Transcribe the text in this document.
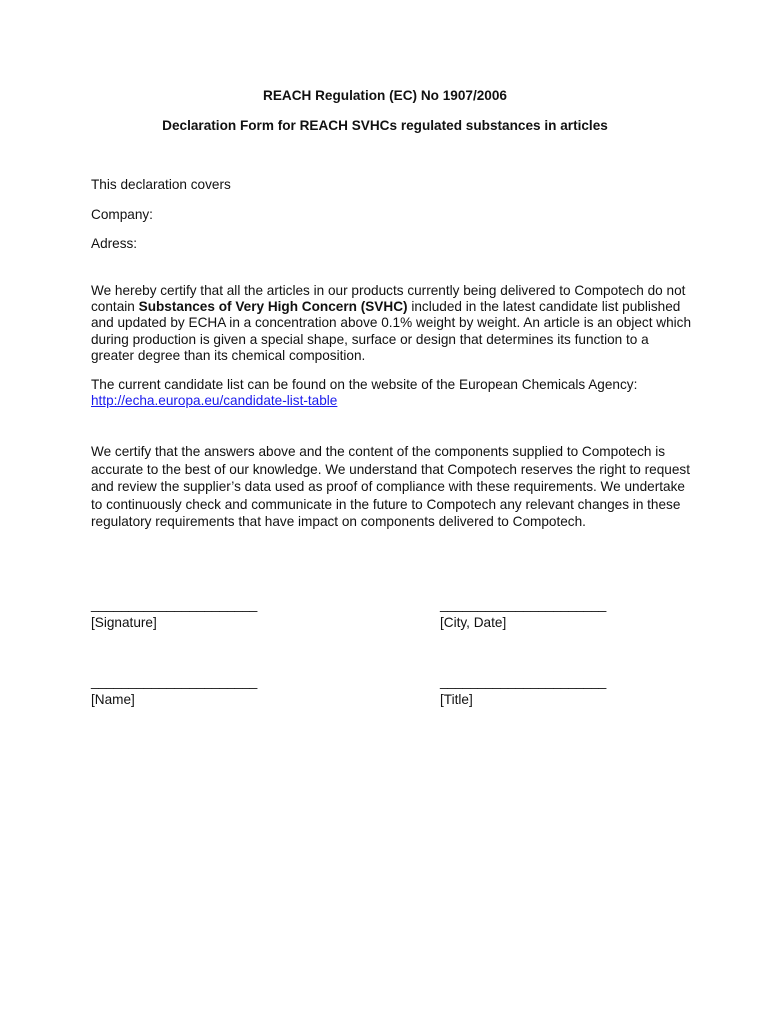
REACH Regulation (EC) No 1907/2006
Declaration Form for REACH SVHCs regulated substances in articles
This declaration covers
Company:
Adress:
We hereby certify that all the articles in our products currently being delivered to Compotech do not contain Substances of Very High Concern (SVHC) included in the latest candidate list published and updated by ECHA in a concentration above 0.1% weight by weight. An article is an object which during production is given a special shape, surface or design that determines its function to a greater degree than its chemical composition.
The current candidate list can be found on the website of the European Chemicals Agency:
http://echa.europa.eu/candidate-list-table
We certify that the answers above and the content of the components supplied to Compotech is accurate to the best of our knowledge. We understand that Compotech reserves the right to request and review the supplier’s data used as proof of compliance with these requirements. We undertake to continuously check and communicate in the future to Compotech any relevant changes in these regulatory requirements that have impact on components delivered to Compotech.
______________________
[Signature]
______________________
[City, Date]
______________________
[Name]
______________________
[Title]
